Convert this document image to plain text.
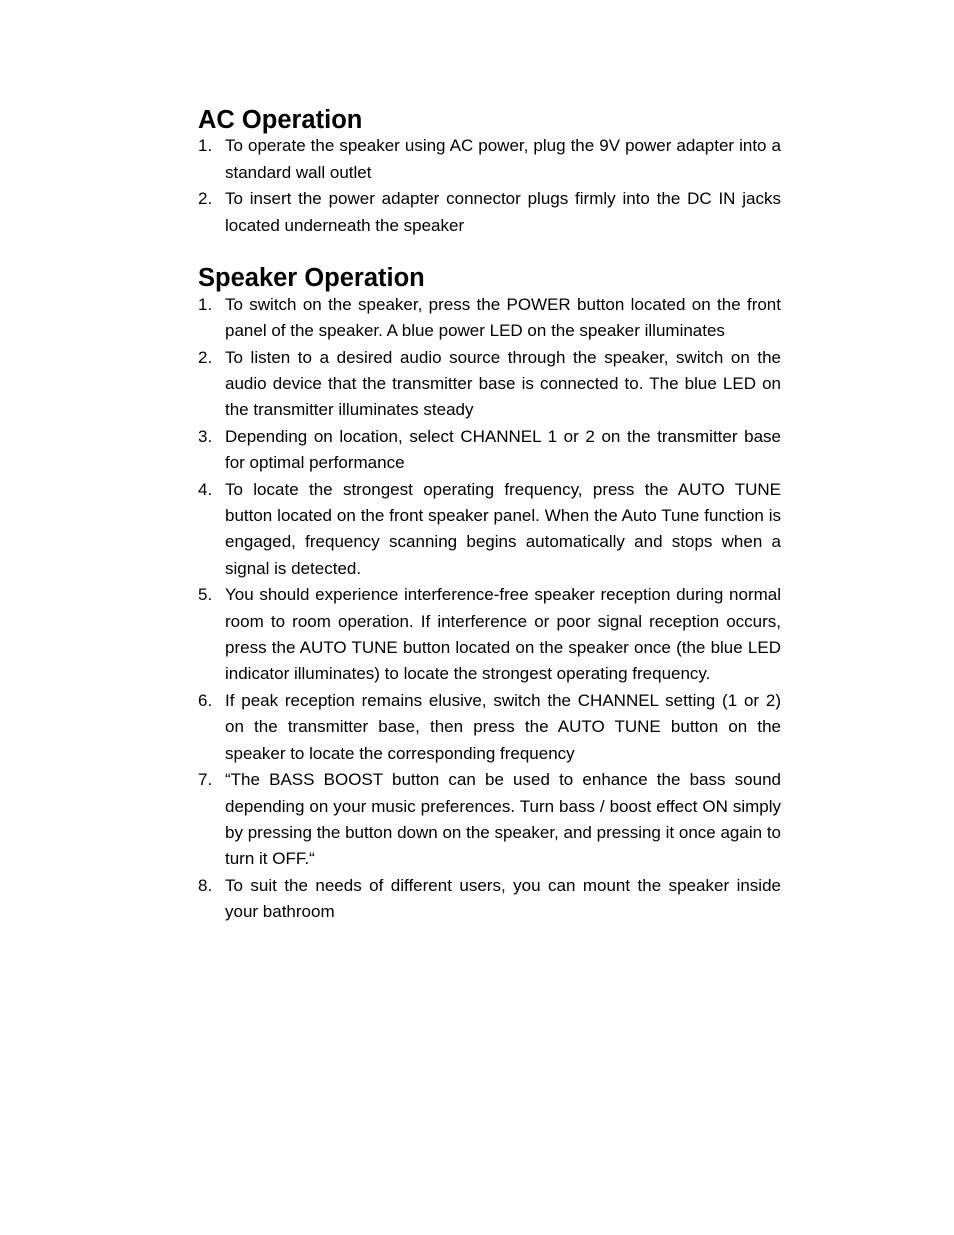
AC Operation
1. To operate the speaker using AC power, plug the 9V power adapter into a standard wall outlet
2. To insert the power adapter connector plugs firmly into the DC IN jacks located underneath the speaker
Speaker Operation
1. To switch on the speaker, press the POWER button located on the front panel of the speaker. A blue power LED on the speaker illuminates
2. To listen to a desired audio source through the speaker, switch on the audio device that the transmitter base is connected to. The blue LED on the transmitter illuminates steady
3. Depending on location, select CHANNEL 1 or 2 on the transmitter base for optimal performance
4. To locate the strongest operating frequency, press the AUTO TUNE button located on the front speaker panel. When the Auto Tune function is engaged, frequency scanning begins automatically and stops when a signal is detected.
5. You should experience interference-free speaker reception during normal room to room operation. If interference or poor signal reception occurs, press the AUTO TUNE button located on the speaker once (the blue LED indicator illuminates) to locate the strongest operating frequency.
6. If peak reception remains elusive, switch the CHANNEL setting (1 or 2) on the transmitter base, then press the AUTO TUNE button on the speaker to locate the corresponding frequency
7. “The BASS BOOST button can be used to enhance the bass sound depending on your music preferences. Turn bass / boost effect ON simply by pressing the button down on the speaker, and pressing it once again to turn it OFF.“
8. To suit the needs of different users, you can mount the speaker inside your bathroom
